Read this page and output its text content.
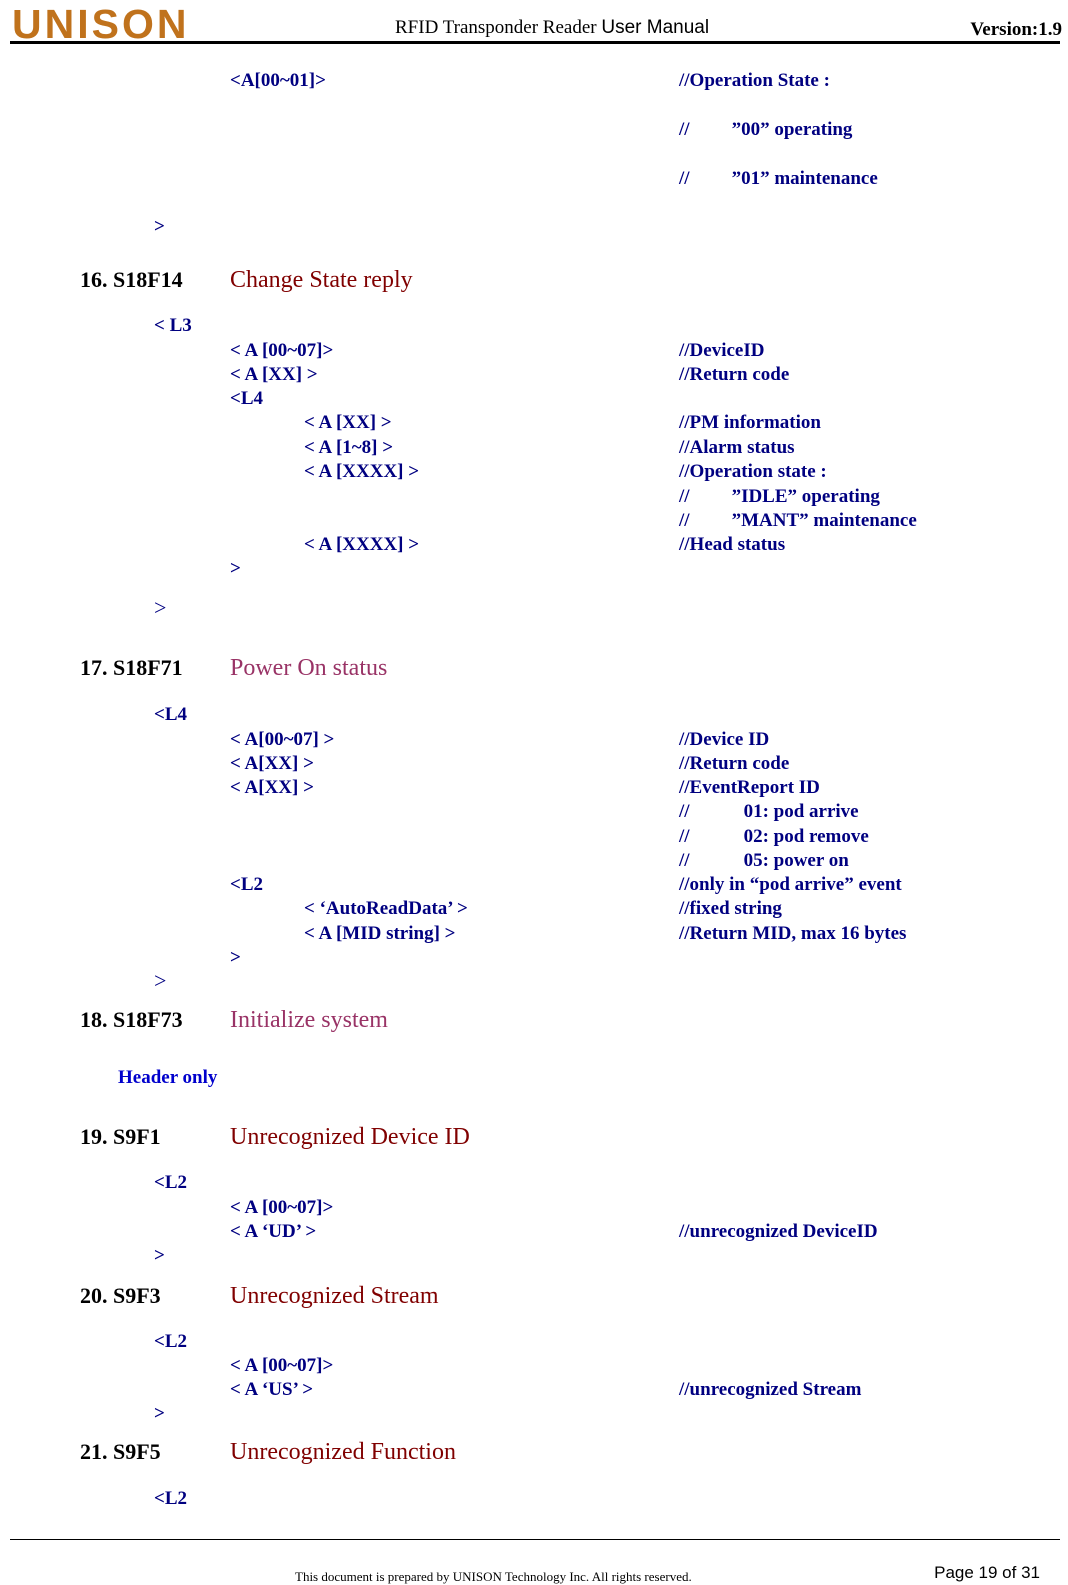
UNISON	RFID Transponder Reader User Manual	Version:1.9
<A[00~01]>	//Operation State :
// ”00” operating
// ”01” maintenance
>
16. S18F14 Change State reply
< L3
< A [00~07]>	//DeviceID
< A [XX] >	//Return code
<L4
< A [XX] >	//PM information
< A [1~8] >	//Alarm status
< A [XXXX] >	//Operation state :
// ”IDLE” operating
// ”MANT” maintenance
< A [XXXX] >	//Head status
>
>
17. S18F71 Power On status
<L4
< A[00~07] >	//Device ID
< A[XX] >	//Return code
< A[XX] >	//EventReport ID
//	01: pod arrive
//	02: pod remove
//	05: power on
<L2	//only in “pod arrive” event
< ‘AutoReadData’ >	//fixed string
< A [MID string] >	//Return MID, max 16 bytes
>
>
18. S18F73 Initialize system
Header only
19. S9F1	Unrecognized Device ID
<L2
< A [00~07]>
< A ‘UD’ >	//unrecognized DeviceID
>
20. S9F3	Unrecognized Stream
<L2
< A [00~07]>
< A ‘US’ >	//unrecognized Stream
>
21. S9F5	Unrecognized Function
<L2
This document is prepared by UNISON Technology Inc. All rights reserved.	Page 19 of 31
